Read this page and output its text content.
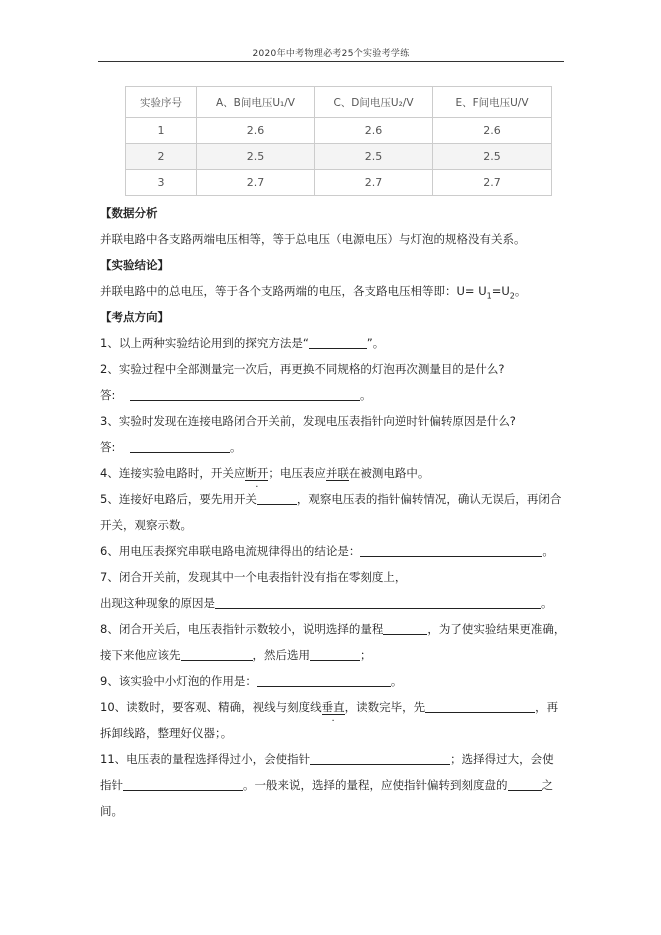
2020年中考物理必考25个实验考学练
实验序号	A、B间电压U₁/V	C、D间电压U₂/V	E、F间电压U/V
1	2.6	2.6	2.6
2	2.5	2.5	2.5
3	2.7	2.7	2.7
【数据分析
并联电路中各支路两端电压相等，等于总电压（电源电压）与灯泡的规格没有关系。
【实验结论】
并联电路中的总电压，等于各个支路两端的电压，各支路电压相等即：$U= U_1=U_2$。
【考点方向】
1、以上两种实验结论用到的探究方法是“	”。
2、实验过程中全部测量完一次后，再更换不同规格的灯泡再次测量目的是什么?
答:	。
3、实验时发现在连接电路闭合开关前，发现电压表指针向逆时针偏转原因是什么?
答:	。
4、连接实验电路时，开关应断开；电压表应并联在被测电路中。
5、连接好电路后，要先用开关	，观察电压表的指针偏转情况，确认无误后，再闭合
开关，观察示数。
6、用电压表探究串联电路电流规律得出的结论是：	。
7、闭合开关前，发现其中一个电表指针没有指在零刻度上，
出现这种现象的原因是	。
8、闭合开关后，电压表指针示数较小，说明选择的量程	，为了使实验结果更准确，
接下来他应该先	，然后选用	；
9、该实验中小灯泡的作用是：	。
10、读数时，要客观、精确，视线与刻度线垂直，读数完毕，先	，再
拆卸线路，整理好仪器；。
11、电压表的量程选择得过小，会使指针	；选择得过大，会使
指针	。一般来说，选择的量程，应使指针偏转到刻度盘的	之
间。
